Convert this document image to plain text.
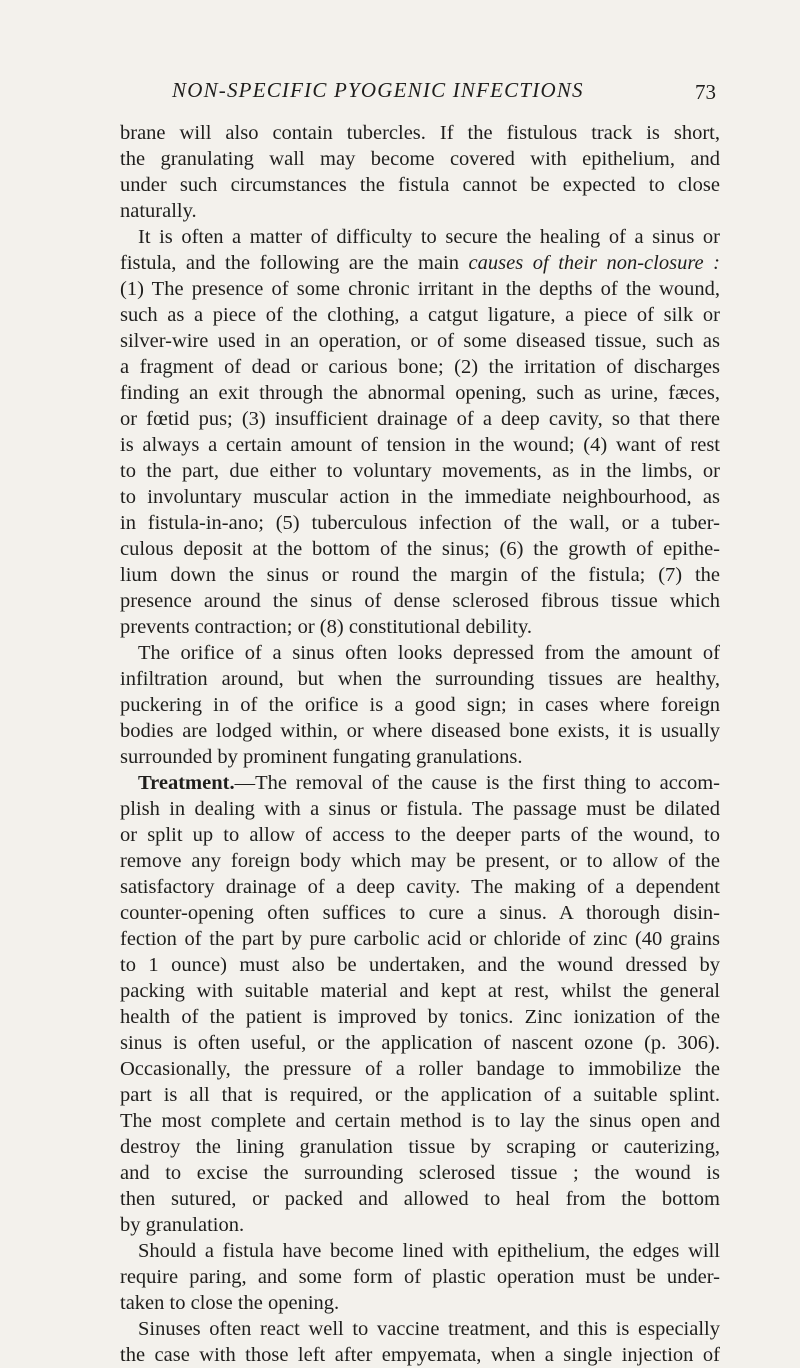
NON-SPECIFIC PYOGENIC INFECTIONS	73
brane will also contain tubercles. If the fistulous track is short,
the granulating wall may become covered with epithelium, and
under such circumstances the fistula cannot be expected to close
naturally.
It is often a matter of difficulty to secure the healing of a sinus or
fistula, and the following are the main causes of their non-closure :
(1) The presence of some chronic irritant in the depths of the wound,
such as a piece of the clothing, a catgut ligature, a piece of silk or
silver-wire used in an operation, or of some diseased tissue, such as
a fragment of dead or carious bone; (2) the irritation of discharges
finding an exit through the abnormal opening, such as urine, fæces,
or fœtid pus; (3) insufficient drainage of a deep cavity, so that there
is always a certain amount of tension in the wound; (4) want of rest
to the part, due either to voluntary movements, as in the limbs, or
to involuntary muscular action in the immediate neighbourhood, as
in fistula-in-ano; (5) tuberculous infection of the wall, or a tuber-
culous deposit at the bottom of the sinus; (6) the growth of epithe-
lium down the sinus or round the margin of the fistula; (7) the
presence around the sinus of dense sclerosed fibrous tissue which
prevents contraction; or (8) constitutional debility.
The orifice of a sinus often looks depressed from the amount of
infiltration around, but when the surrounding tissues are healthy,
puckering in of the orifice is a good sign; in cases where foreign
bodies are lodged within, or where diseased bone exists, it is usually
surrounded by prominent fungating granulations.
Treatment.—The removal of the cause is the first thing to accom-
plish in dealing with a sinus or fistula. The passage must be dilated
or split up to allow of access to the deeper parts of the wound, to
remove any foreign body which may be present, or to allow of the
satisfactory drainage of a deep cavity. The making of a dependent
counter-opening often suffices to cure a sinus. A thorough disin-
fection of the part by pure carbolic acid or chloride of zinc (40 grains
to 1 ounce) must also be undertaken, and the wound dressed by
packing with suitable material and kept at rest, whilst the general
health of the patient is improved by tonics. Zinc ionization of the
sinus is often useful, or the application of nascent ozone (p. 306).
Occasionally, the pressure of a roller bandage to immobilize the
part is all that is required, or the application of a suitable splint.
The most complete and certain method is to lay the sinus open and
destroy the lining granulation tissue by scraping or cauterizing,
and to excise the surrounding sclerosed tissue ; the wound is
then sutured, or packed and allowed to heal from the bottom
by granulation.
Should a fistula have become lined with epithelium, the edges will
require paring, and some form of plastic operation must be under-
taken to close the opening.
Sinuses often react well to vaccine treatment, and this is especially
the case with those left after empyemata, when a single injection of
